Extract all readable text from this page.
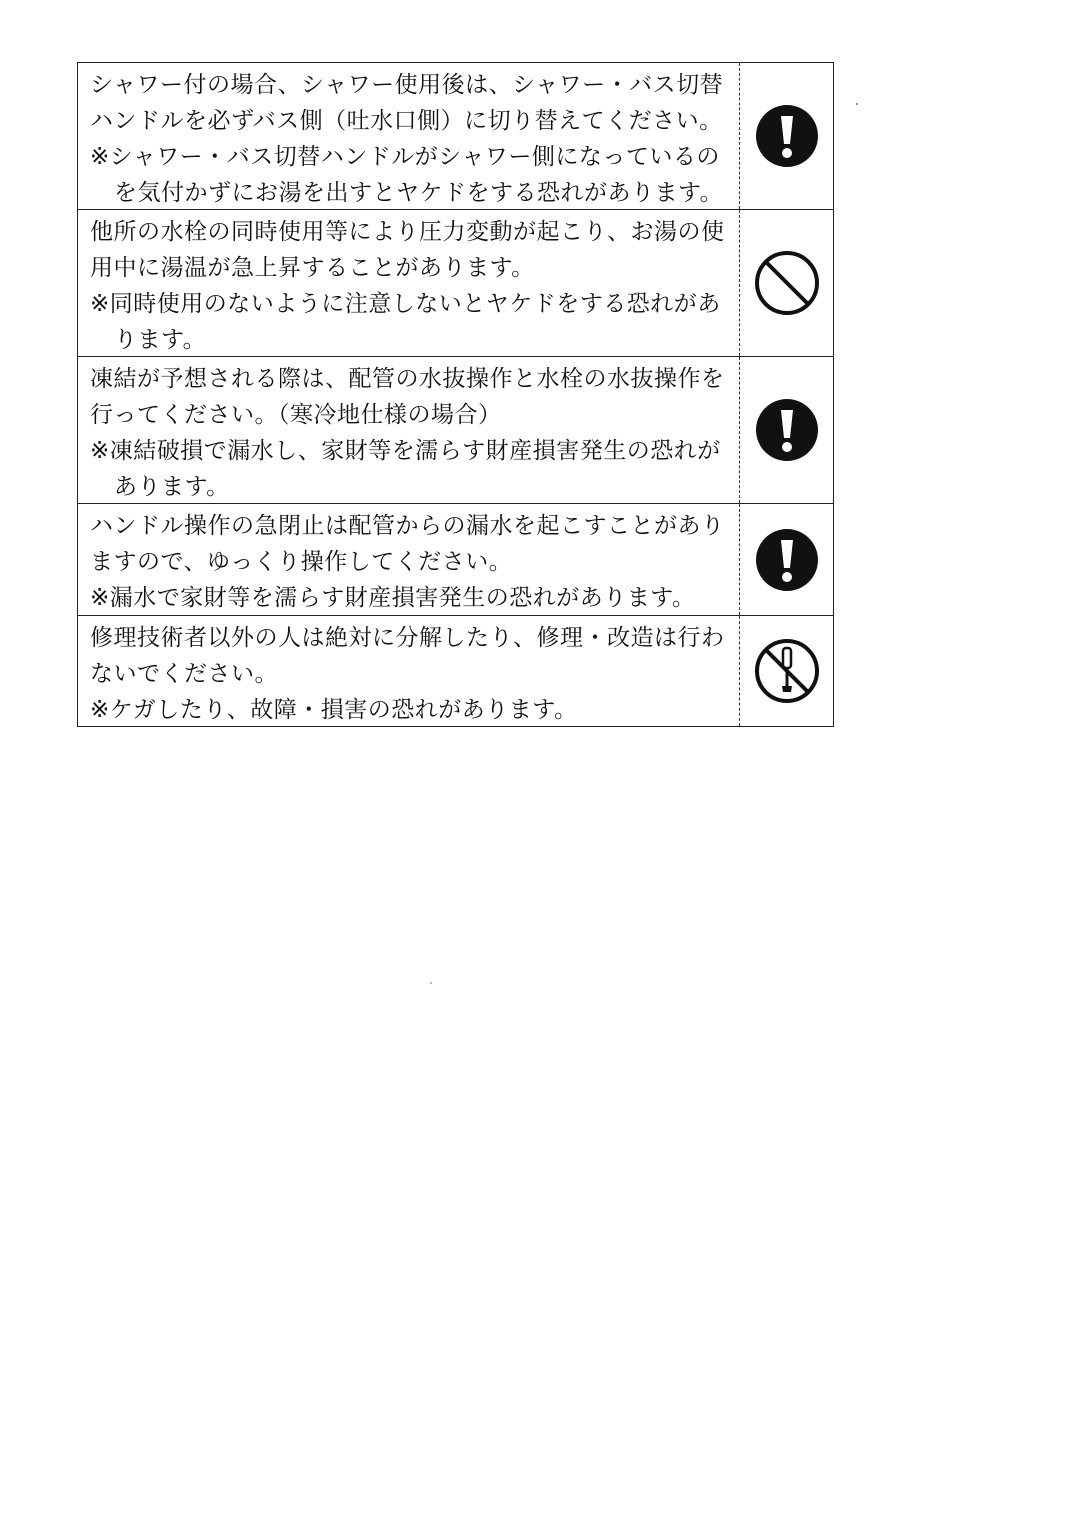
シャワー付の場合、シャワー使用後は、シャワー・バス切替ハンドルを必ずバス側（吐水口側）に切り替えてください。
※シャワー・バス切替ハンドルがシャワー側になっているのを気付かずにお湯を出すとヤケドをする恐れがあります。
他所の水栓の同時使用等により圧力変動が起こり、お湯の使用中に湯温が急上昇することがあります。
※同時使用のないように注意しないとヤケドをする恐れがあります。
凍結が予想される際は、配管の水抜操作と水栓の水抜操作を行ってください。（寒冷地仕様の場合）
※凍結破損で漏水し、家財等を濡らす財産損害発生の恐れがあります。
ハンドル操作の急閉止は配管からの漏水を起こすことがありますので、ゆっくり操作してください。
※漏水で家財等を濡らす財産損害発生の恐れがあります。
修理技術者以外の人は絶対に分解したり、修理・改造は行わないでください。
※ケガしたり、故障・損害の恐れがあります。
